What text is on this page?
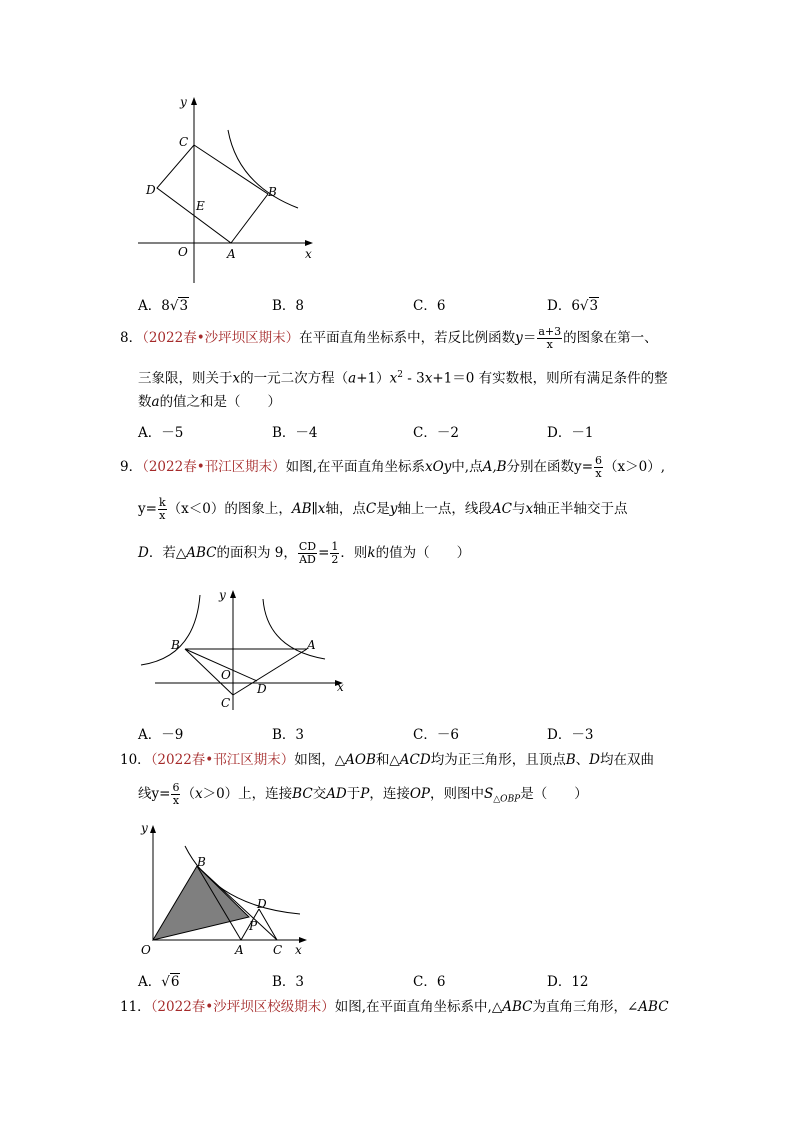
y
x
O	A
B
C
D
E
A．8√3	B．8	C．6	D．6√3
8．（2022春•沙坪坝区期末）在平面直角坐标系中，若反比例函数$y= \frac{a+3}{x}$ 的图象在第一、
三象限，则关于x的一元二次方程$(a+1)x^2 - 3x+1=0$ 有实数根，则所有满足条件的整
数a的值之和是（　　）
A．－5	B．－4	C．－2	D．－1
9．（2022春•邗江区期末）如图,在平面直角坐标系xOy中,点A,B分别在函数$y= \frac{6}{x} (x>0)$,
$y= \frac{k}{x} (x<0)$的图象上，AB∥x轴，点C是y轴上一点，线段AC与x轴正半轴交于点
D．若△ABC的面积为 9， $\frac{CD}{AD} = \frac{1}{2}$ ．则k的值为（　　）
y
x
O
A
B
C
D
A．－9	B．3	C．－6	D．－3
10．（2022春•邗江区期末）如图，△AOB和△ACD均为正三角形，且顶点B、D均在双曲
线$y= \frac{6}{x} (x>0)$上，连接BC交AD于P，连接OP，则图中$S_{\triangle OBP}$是（　　）
y
x
O	A
B
C
D
P
A．√6	B．3	C．6	D．12
11．（2022春•沙坪坝区校级期末）如图,在平面直角坐标系中,△ABC为直角三角形，∠ABC
